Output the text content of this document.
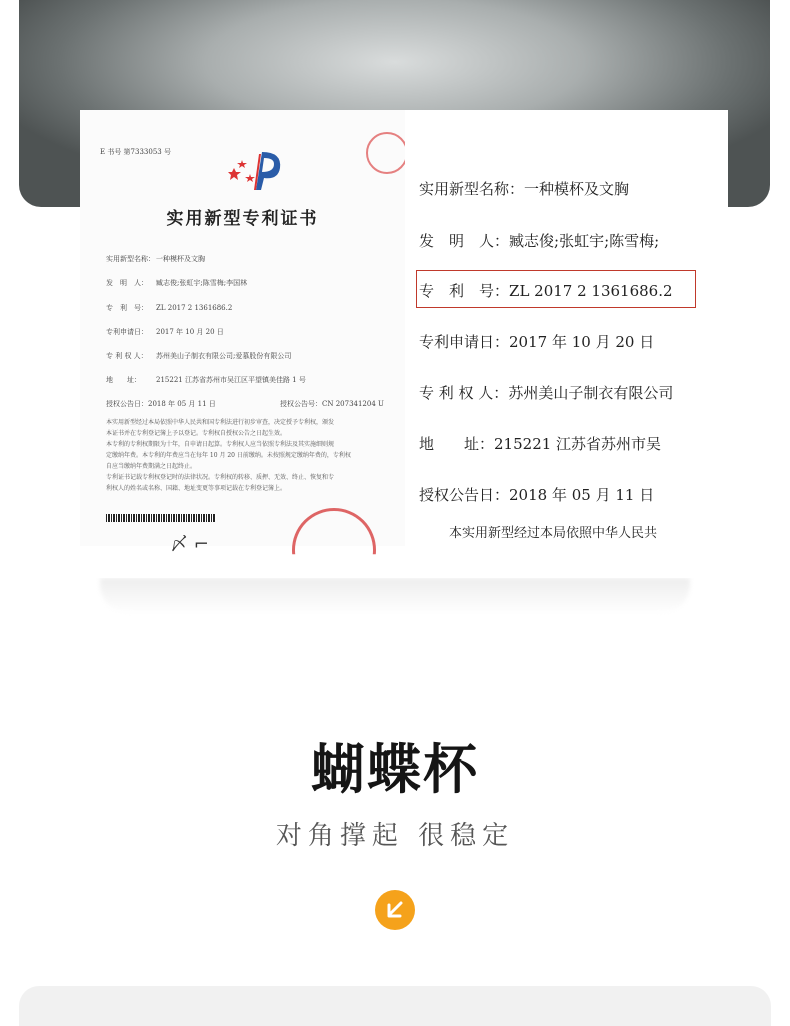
E 书号 第7333053 号
实用新型专利证书
实用新型名称：一种模杯及文胸
发　明　人： 臧志俊;张虹宇;陈雪梅;李国林
专　利　号： ZL 2017 2 1361686.2
专利申请日： 2017 年 10 月 20 日
专 利 权 人： 苏州美山子制衣有限公司;爱慕股份有限公司
地　　址： 215221 江苏省苏州市吴江区平望镇美佳路 1 号
授权公告日：2018 年 05 月 11 日	授权公告号：CN 207341204 U
本实用新型经过本局依照中华人民共和国专利法进行初步审查，决定授予专利权，颁发
本证书并在专利登记簿上予以登记。专利权自授权公告之日起生效。
本专利的专利权期限为十年，自申请日起算。专利权人应当依照专利法及其实施细则规
定缴纳年费。本专利的年费应当在每年 10 月 20 日前缴纳。未按照规定缴纳年费的，专利权
自应当缴纳年费期满之日起终止。
专利证书记载专利权登记时的法律状况。专利权的转移、质押、无效、终止、恢复和专
利权人的姓名或名称、国籍、地址变更等事项记载在专利登记簿上。
〆 ⌐
实用新型名称：一种模杯及文胸
发　明　人：臧志俊;张虹宇;陈雪梅;
专　利　号：ZL 2017 2 1361686.2
专利申请日：2017 年 10 月 20 日
专 利 权 人：苏州美山子制衣有限公司
地　　址：215221 江苏省苏州市吴
授权公告日：2018 年 05 月 11 日
本实用新型经过本局依照中华人民共
蝴蝶杯
对角撑起 很稳定
